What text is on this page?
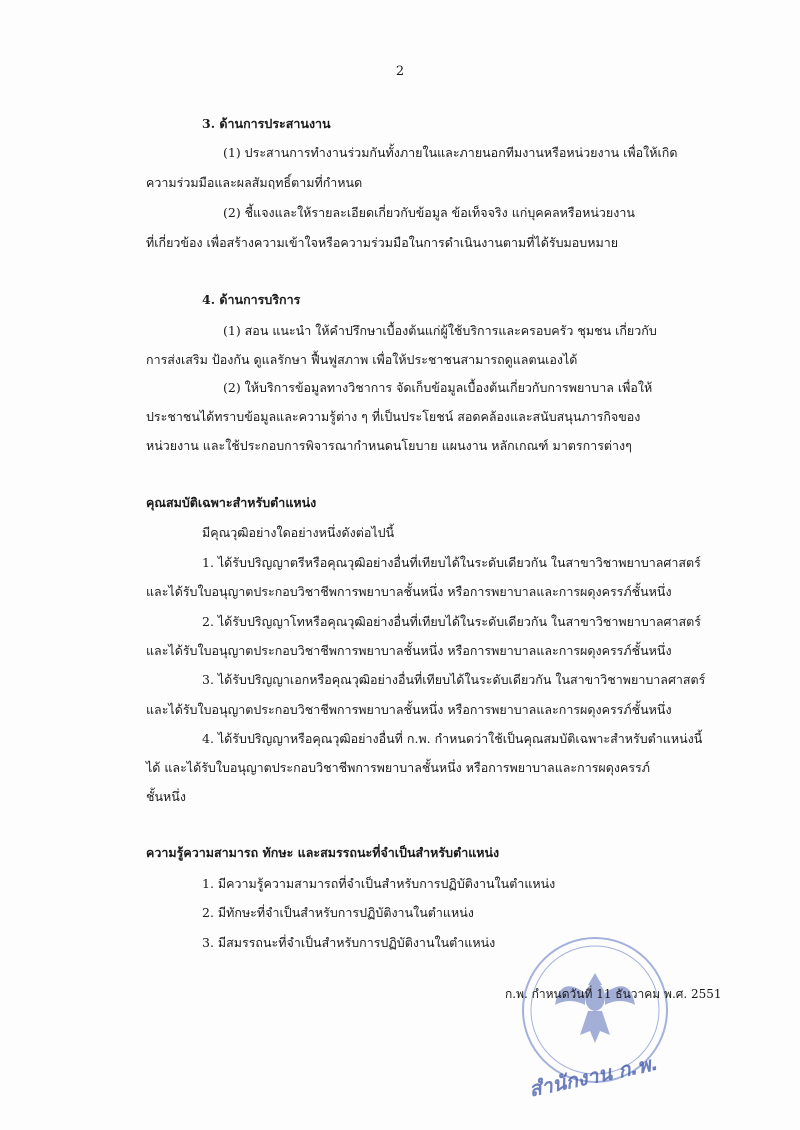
2
3. ด้านการประสานงาน
(1) ประสานการทำงานร่วมกันทั้งภายในและภายนอกทีมงานหรือหน่วยงาน เพื่อให้เกิด
ความร่วมมือและผลสัมฤทธิ์ตามที่กำหนด
(2) ชี้แจงและให้รายละเอียดเกี่ยวกับข้อมูล ข้อเท็จจริง แก่บุคคลหรือหน่วยงาน
ที่เกี่ยวข้อง เพื่อสร้างความเข้าใจหรือความร่วมมือในการดำเนินงานตามที่ได้รับมอบหมาย
4. ด้านการบริการ
(1) สอน แนะนำ ให้คำปรึกษาเบื้องต้นแก่ผู้ใช้บริการและครอบครัว ชุมชน เกี่ยวกับ
การส่งเสริม ป้องกัน ดูแลรักษา ฟื้นฟูสภาพ เพื่อให้ประชาชนสามารถดูแลตนเองได้
(2) ให้บริการข้อมูลทางวิชาการ จัดเก็บข้อมูลเบื้องต้นเกี่ยวกับการพยาบาล เพื่อให้
ประชาชนได้ทราบข้อมูลและความรู้ต่าง ๆ ที่เป็นประโยชน์ สอดคล้องและสนับสนุนภารกิจของ
หน่วยงาน และใช้ประกอบการพิจารณากำหนดนโยบาย แผนงาน หลักเกณฑ์ มาตรการต่างๆ
คุณสมบัติเฉพาะสำหรับตำแหน่ง
มีคุณวุฒิอย่างใดอย่างหนึ่งดังต่อไปนี้
1. ได้รับปริญญาตรีหรือคุณวุฒิอย่างอื่นที่เทียบได้ในระดับเดียวกัน ในสาขาวิชาพยาบาลศาสตร์
และได้รับใบอนุญาตประกอบวิชาชีพการพยาบาลชั้นหนึ่ง หรือการพยาบาลและการผดุงครรภ์ชั้นหนึ่ง
2. ได้รับปริญญาโทหรือคุณวุฒิอย่างอื่นที่เทียบได้ในระดับเดียวกัน ในสาขาวิชาพยาบาลศาสตร์
และได้รับใบอนุญาตประกอบวิชาชีพการพยาบาลชั้นหนึ่ง หรือการพยาบาลและการผดุงครรภ์ชั้นหนึ่ง
3. ได้รับปริญญาเอกหรือคุณวุฒิอย่างอื่นที่เทียบได้ในระดับเดียวกัน ในสาขาวิชาพยาบาลศาสตร์
และได้รับใบอนุญาตประกอบวิชาชีพการพยาบาลชั้นหนึ่ง หรือการพยาบาลและการผดุงครรภ์ชั้นหนึ่ง
4. ได้รับปริญญาหรือคุณวุฒิอย่างอื่นที่ ก.พ. กำหนดว่าใช้เป็นคุณสมบัติเฉพาะสำหรับตำแหน่งนี้
ได้ และได้รับใบอนุญาตประกอบวิชาชีพการพยาบาลชั้นหนึ่ง หรือการพยาบาลและการผดุงครรภ์
ชั้นหนึ่ง
ความรู้ความสามารถ ทักษะ และสมรรถนะที่จำเป็นสำหรับตำแหน่ง
1. มีความรู้ความสามารถที่จำเป็นสำหรับการปฏิบัติงานในตำแหน่ง
2. มีทักษะที่จำเป็นสำหรับการปฏิบัติงานในตำแหน่ง
3. มีสมรรถนะที่จำเป็นสำหรับการปฏิบัติงานในตำแหน่ง
สำนักงาน ก.พ.
ก.พ. กำหนดวันที่ 11 ธันวาคม พ.ศ. 2551
